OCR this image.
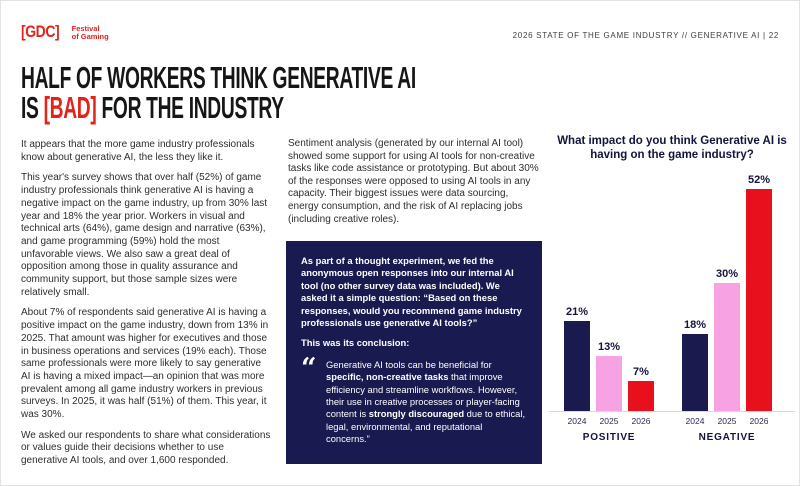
[GDC] Festival
of Gaming	2026 STATE OF THE GAME INDUSTRY // GENERATIVE AI | 22
HALF OF WORKERS THINK GENERATIVE AI
IS [BAD] FOR THE INDUSTRY

It appears that the more game industry professionals know about generative AI, the less they like it.

This year's survey shows that over half (52%) of game industry professionals think generative AI is having a negative impact on the game industry, up from 30% last year and 18% the year prior. Workers in visual and technical arts (64%), game design and narrative (63%), and game programming (59%) hold the most unfavorable views. We also saw a great deal of opposition among those in quality assurance and community support, but those sample sizes were relatively small.

About 7% of respondents said generative AI is having a positive impact on the game industry, down from 13% in 2025. That amount was higher for executives and those in business operations and services (19% each). Those same professionals were more likely to say generative AI is having a mixed impact—an opinion that was more prevalent among all game industry workers in previous surveys. In 2025, it was half (51%) of them. This year, it was 30%.

We asked our respondents to share what considerations or values guide their decisions whether to use generative AI tools, and over 1,600 responded.

Sentiment analysis (generated by our internal AI tool) showed some support for using AI tools for non-creative tasks like code assistance or prototyping. But about 30% of the responses were opposed to using AI tools in any capacity. Their biggest issues were data sourcing, energy consumption, and the risk of AI replacing jobs (including creative roles).

As part of a thought experiment, we fed the anonymous open responses into our internal AI tool (no other survey data was included). We asked it a simple question: “Based on these responses, would you recommend game industry professionals use generative AI tools?”

This was its conclusion:

“ Generative AI tools can be beneficial for specific, non-creative tasks that improve efficiency and streamline workflows. However, their use in creative processes or player-facing content is strongly discouraged due to ethical, legal, environmental, and reputational concerns.”
What impact do you think Generative AI is having on the game industry?
21%
13%
7%
18%
30%
52%
2024	2025	2026	2024	2025	2026
POSITIVE	NEGATIVE
